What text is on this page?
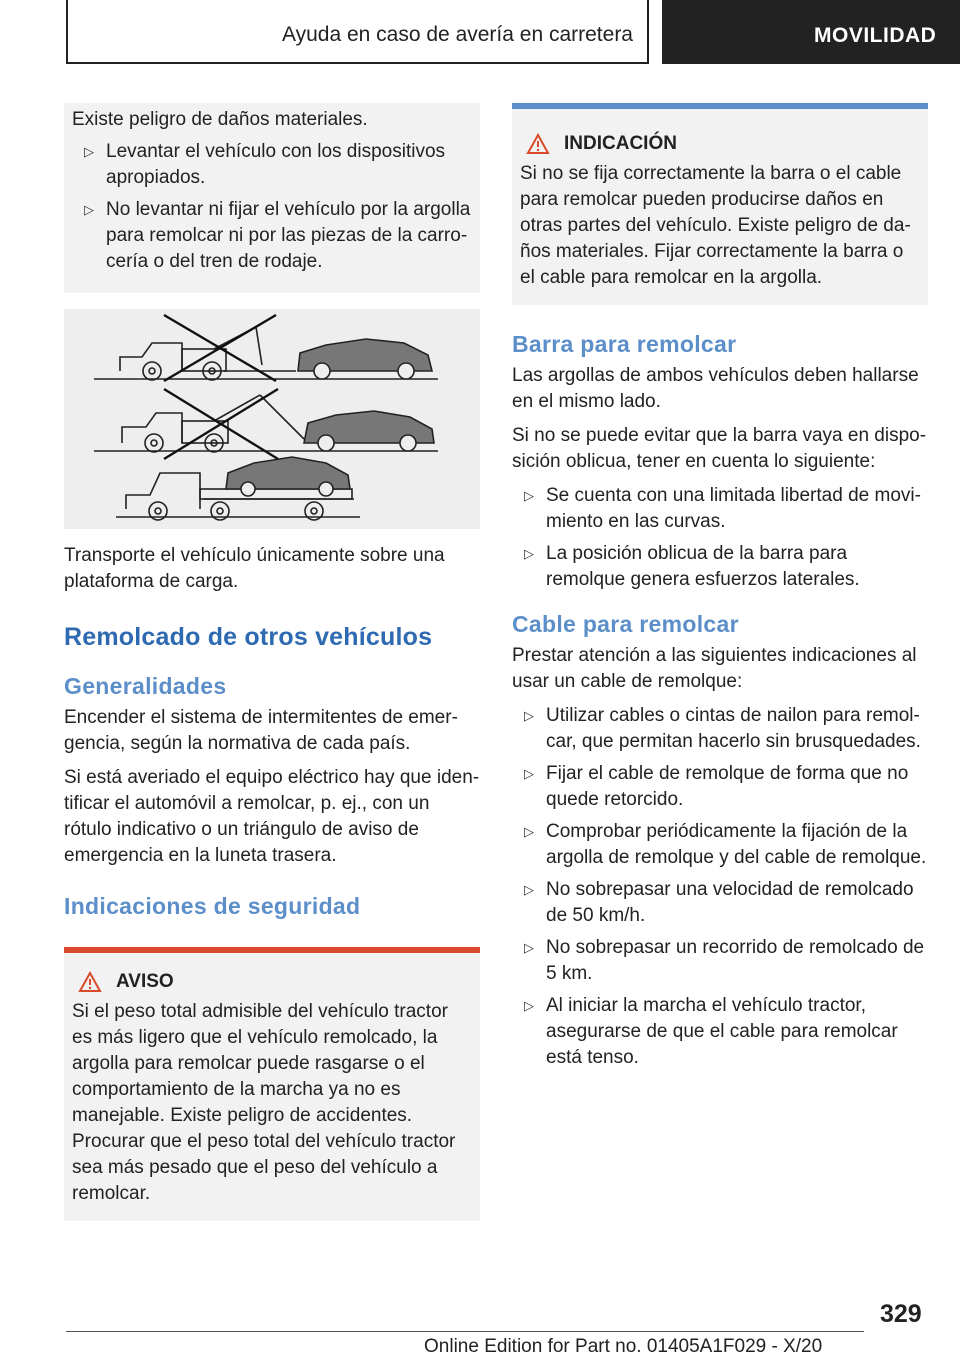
Ayuda en caso de avería en carretera	MOVILIDAD

Existe peligro de daños materiales.

▷ Levantar el vehículo con los dispositivos apropiados.
▷ No levantar ni fijar el vehículo por la argolla para remolcar ni por las piezas de la carrocería o del tren de rodaje.

Transporte el vehículo únicamente sobre una plataforma de carga.

Remolcado de otros vehículos
Generalidades

Encender el sistema de intermitentes de emergencia, según la normativa de cada país.

Si está averiado el equipo eléctrico hay que identificar el automóvil a remolcar, p. ej., con un rótulo indicativo o un triángulo de aviso de emergencia en la luneta trasera.

Indicaciones de seguridad
AVISO

Si el peso total admisible del vehículo tractor es más ligero que el vehículo remolcado, la argolla para remolcar puede rasgarse o el comportamiento de la marcha ya no es manejable. Existe peligro de accidentes. Procurar que el peso total del vehículo tractor sea más pesado que el peso del vehículo a remolcar.

INDICACIÓN

Si no se fija correctamente la barra o el cable para remolcar pueden producirse daños en otras partes del vehículo. Existe peligro de daños materiales. Fijar correctamente la barra o el cable para remolcar en la argolla.

Barra para remolcar

Las argollas de ambos vehículos deben hallarse en el mismo lado.

Si no se puede evitar que la barra vaya en disposición oblicua, tener en cuenta lo siguiente:

▷ Se cuenta con una limitada libertad de movimiento en las curvas.
▷ La posición oblicua de la barra para remolque genera esfuerzos laterales.
Cable para remolcar

Prestar atención a las siguientes indicaciones al usar un cable de remolque:

▷ Utilizar cables o cintas de nailon para remolcar, que permitan hacerlo sin brusquedades.
▷ Fijar el cable de remolque de forma que no quede retorcido.
▷ Comprobar periódicamente la fijación de la argolla de remolque y del cable de remolque.
▷ No sobrepasar una velocidad de remolcado de 50 km/h.
▷ No sobrepasar un recorrido de remolcado de 5 km.
▷ Al iniciar la marcha el vehículo tractor, asegurarse de que el cable para remolcar está tenso.
329
Online Edition for Part no. 01405A1F029 - X/20
